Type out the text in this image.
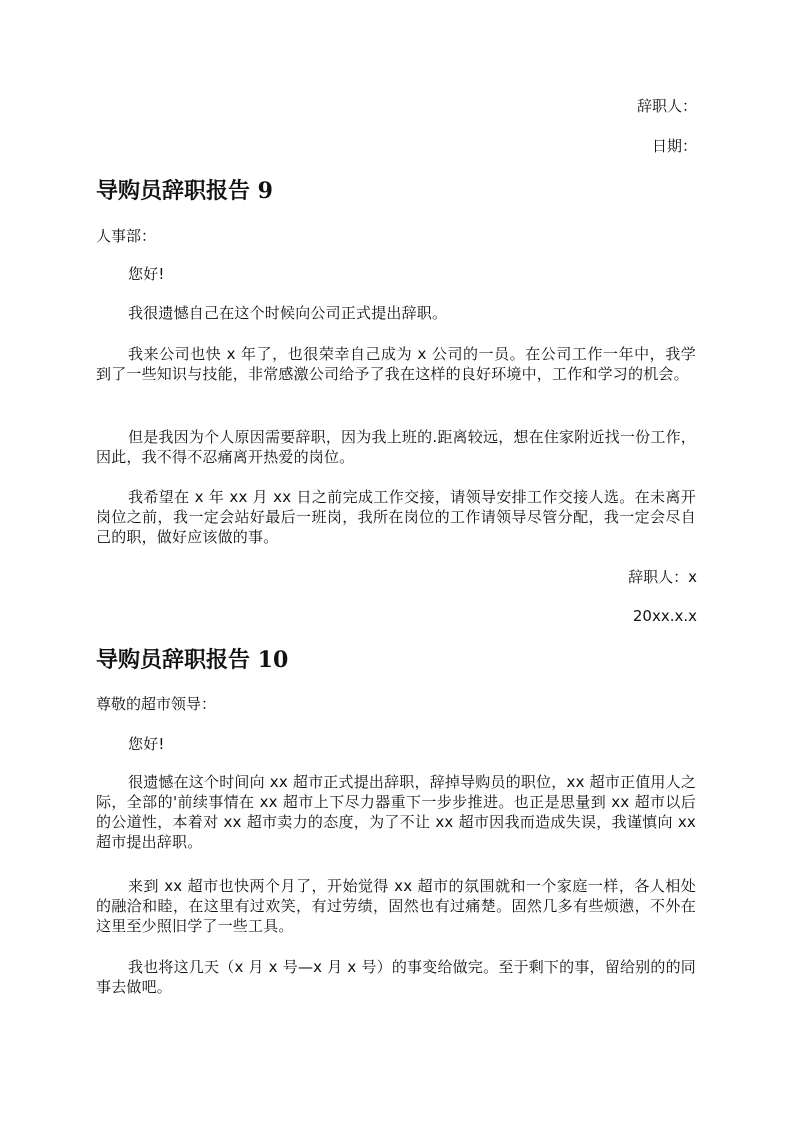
辞职人：
日期：
导购员辞职报告 9
人事部：
您好!
我很遗憾自己在这个时候向公司正式提出辞职。
我来公司也快 x 年了，也很荣幸自己成为 x 公司的一员。在公司工作一年中，我学到了一些知识与技能，非常感激公司给予了我在这样的良好环境中，工作和学习的机会。
但是我因为个人原因需要辞职，因为我上班的.距离较远，想在住家附近找一份工作，因此，我不得不忍痛离开热爱的岗位。
我希望在 x 年 xx 月 xx 日之前完成工作交接，请领导安排工作交接人选。在未离开岗位之前，我一定会站好最后一班岗，我所在岗位的工作请领导尽管分配，我一定会尽自己的职，做好应该做的事。
辞职人：x
20xx.x.x
导购员辞职报告 10
尊敬的超市领导：
您好!
很遗憾在这个时间向 xx 超市正式提出辞职，辞掉导购员的职位，xx 超市正值用人之际，全部的'前续事情在 xx 超市上下尽力器重下一步步推进。也正是思量到 xx 超市以后的公道性，本着对 xx 超市卖力的态度，为了不让 xx 超市因我而造成失误，我谨慎向 xx 超市提出辞职。
来到 xx 超市也快两个月了，开始觉得 xx 超市的氛围就和一个家庭一样，各人相处的融洽和睦，在这里有过欢笑，有过劳绩，固然也有过痛楚。固然几多有些烦懑，不外在这里至少照旧学了一些工具。
我也将这几天（x 月 x 号—x 月 x 号）的事变给做完。至于剩下的事，留给别的的同事去做吧。
